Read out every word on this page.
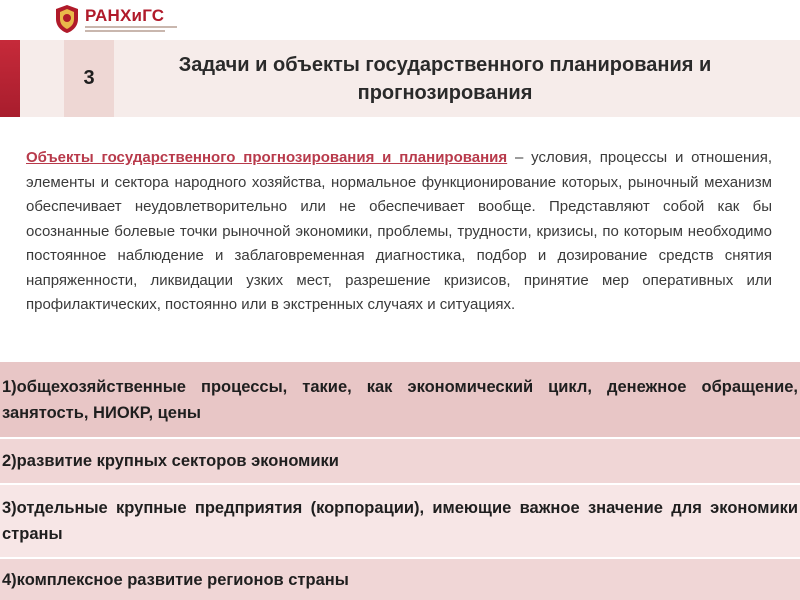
РАНХиГС
3
Задачи и объекты государственного планирования и прогнозирования
Объекты государственного прогнозирования и планирования – условия, процессы и отношения, элементы и сектора народного хозяйства, нормальное функционирование которых, рыночный механизм обеспечивает неудовлетворительно или не обеспечивает вообще. Представляют собой как бы осознанные болевые точки рыночной экономики, проблемы, трудности, кризисы, по которым необходимо постоянное наблюдение и заблаговременная диагностика, подбор и дозирование средств снятия напряженности, ликвидации узких мест, разрешение кризисов, принятие мер оперативных или профилактических, постоянно или в экстренных случаях и ситуациях.
1)общехозяйственные процессы, такие, как экономический цикл, денежное обращение, занятость, НИОКР, цены
2)развитие крупных секторов экономики
3)отдельные крупные предприятия (корпорации), имеющие важное значение для экономики страны
4)комплексное развитие регионов страны
